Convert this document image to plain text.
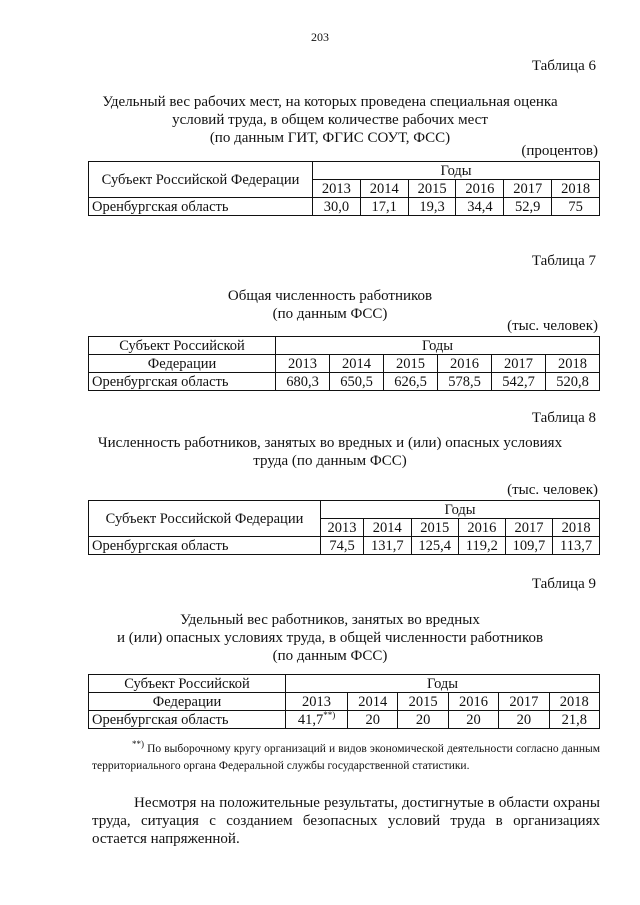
203
Таблица 6
Удельный вес рабочих мест, на которых проведена специальная оценка
условий труда, в общем количестве рабочих мест
(по данным ГИТ, ФГИС СОУТ, ФСС)
(процентов)
Субъект Российской Федерации	Годы					
	2013	2014	2015	2016	2017	2018
Оренбургская область	30,0	17,1	19,3	34,4	52,9	75
Таблица 7
Общая численность работников
(по данным ФСС)
(тыс. человек)
Субъект Российской	Годы					
Федерации	2013	2014	2015	2016	2017	2018
Оренбургская область	680,3	650,5	626,5	578,5	542,7	520,8
Таблица 8
Численность работников, занятых во вредных и (или) опасных условиях
труда (по данным ФСС)
(тыс. человек)
Субъект Российской Федерации	Годы					
	2013	2014	2015	2016	2017	2018
Оренбургская область	74,5	131,7	125,4	119,2	109,7	113,7
Таблица 9
Удельный вес работников, занятых во вредных
и (или) опасных условиях труда, в общей численности работников
(по данным ФСС)
Субъект Российской	Годы					
Федерации	2013	2014	2015	2016	2017	2018
Оренбургская область	41,7**)	20	20	20	20	21,8
**) По выборочному кругу организаций и видов экономической деятельности согласно данным территориального органа Федеральной службы государственной статистики.
Несмотря на положительные результаты, достигнутые в области охраны труда, ситуация с созданием безопасных условий труда в организациях остается напряженной.
